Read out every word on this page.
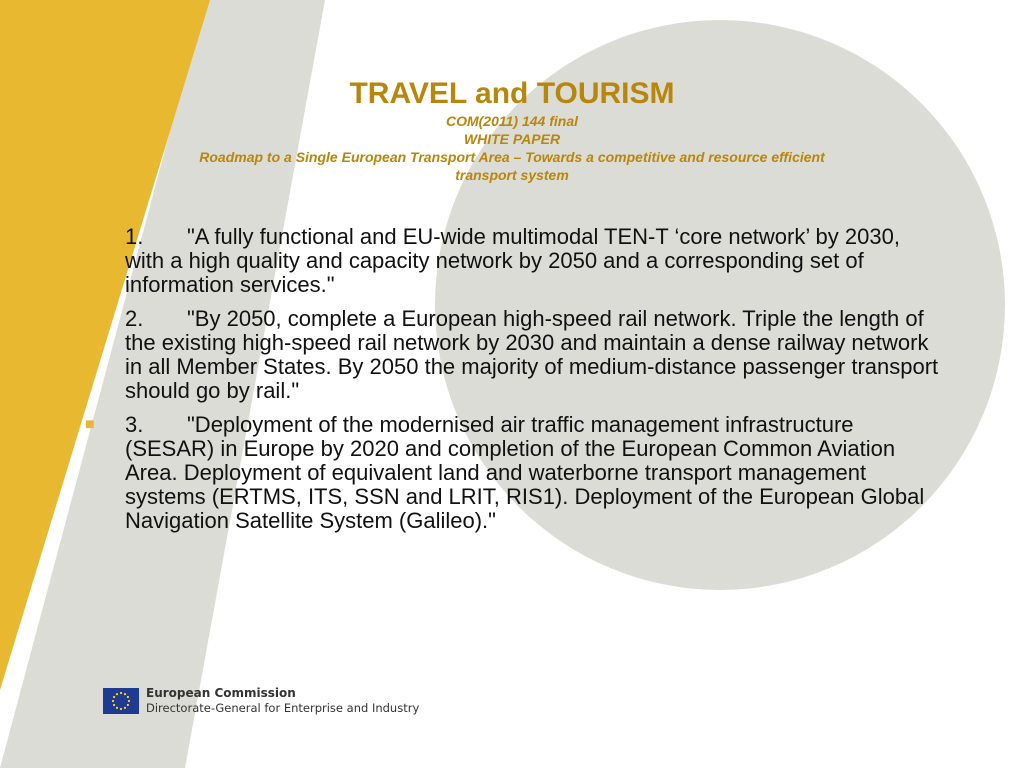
TRAVEL and TOURISM

COM(2011) 144 final

WHITE PAPER

Roadmap to a Single European Transport Area – Towards a competitive and resource efficient transport system

■ 1. "A fully functional and EU-wide multimodal TEN-T ‘core network’ by 2030, with a high quality and capacity network by 2050 and a corresponding set of information services."
■ 2. "By 2050, complete a European high-speed rail network. Triple the length of the existing high-speed rail network by 2030 and maintain a dense railway network in all Member States. By 2050 the majority of medium-distance passenger transport should go by rail."
■ 3. "Deployment of the modernised air traffic management infrastructure (SESAR) in Europe by 2020 and completion of the European Common Aviation Area. Deployment of equivalent land and waterborne transport management systems (ERTMS, ITS, SSN and LRIT, RIS1). Deployment of the European Global Navigation Satellite System (Galileo)."
European Commission
Directorate-General for Enterprise and Industry
